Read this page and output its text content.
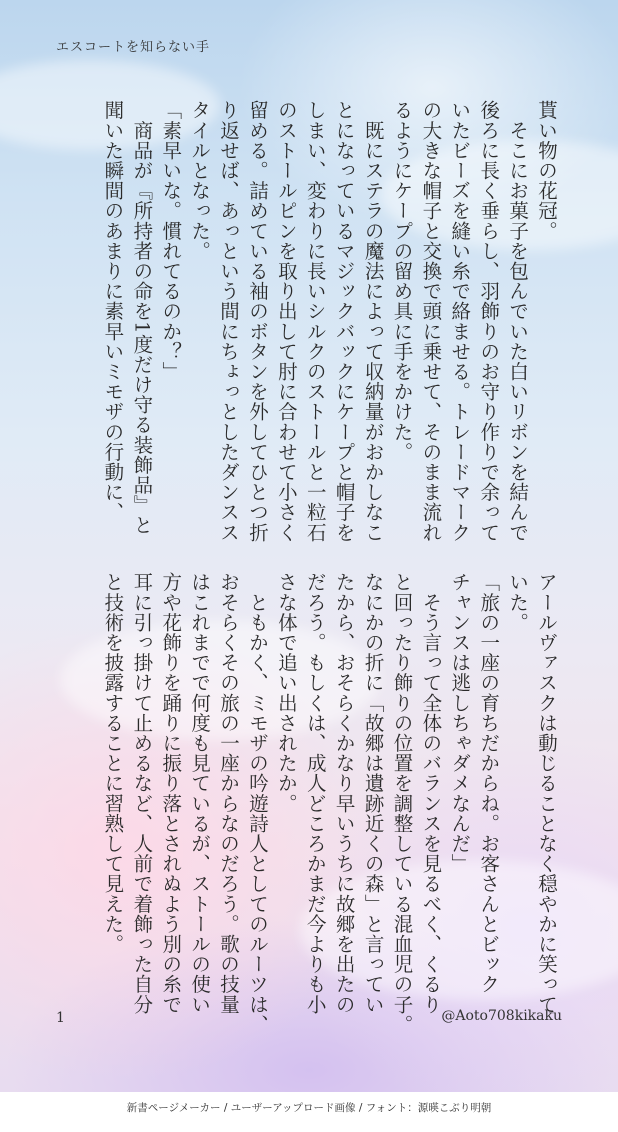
エスコートを知らない手

貰い物の花冠。

　そこにお菓子を包んでいた白いリボンを結んで

後ろに長く垂らし、羽飾りのお守り作りで余って

いたビーズを縫い糸で絡ませる。トレードマーク

の大きな帽子と交換で頭に乗せて、そのまま流れ

るようにケープの留め具に手をかけた。

　既にステラの魔法によって収納量がおかしなこ

とになっているマジックバックにケープと帽子を

しまい、変わりに長いシルクのストールと一粒石

のストールピンを取り出して肘に合わせて小さく

留める。詰めている袖のボタンを外してひとつ折

り返せば、あっという間にちょっとしたダンスス

タイルとなった。

「素早いな。慣れてるのか？」

　商品が『所持者の命を1度だけ守る装飾品』と

聞いた瞬間のあまりに素早いミモザの行動に、

アールヴァスクは動じることなく穏やかに笑って

いた。

「旅の一座の育ちだからね。お客さんとビック

チャンスは逃しちゃダメなんだ」

　そう言って全体のバランスを見るべく、くるり

と回ったり飾りの位置を調整している混血児の子。

なにかの折に「故郷は遺跡近くの森」と言ってい

たから、おそらくかなり早いうちに故郷を出たの

だろう。もしくは、成人どころかまだ今よりも小

さな体で追い出されたか。

　ともかく、ミモザの吟遊詩人としてのルーツは、

おそらくその旅の一座からなのだろう。歌の技量

はこれまでで何度も見ているが、ストールの使い

方や花飾りを踊りに振り落とされぬよう別の糸で

耳に引っ掛けて止めるなど、人前で着飾った自分

と技術を披露することに習熟して見えた。

1	@Aoto708kikaku
新書ページメーカー / ユーザーアップロード画像 / フォント：源暎こぶり明朝
